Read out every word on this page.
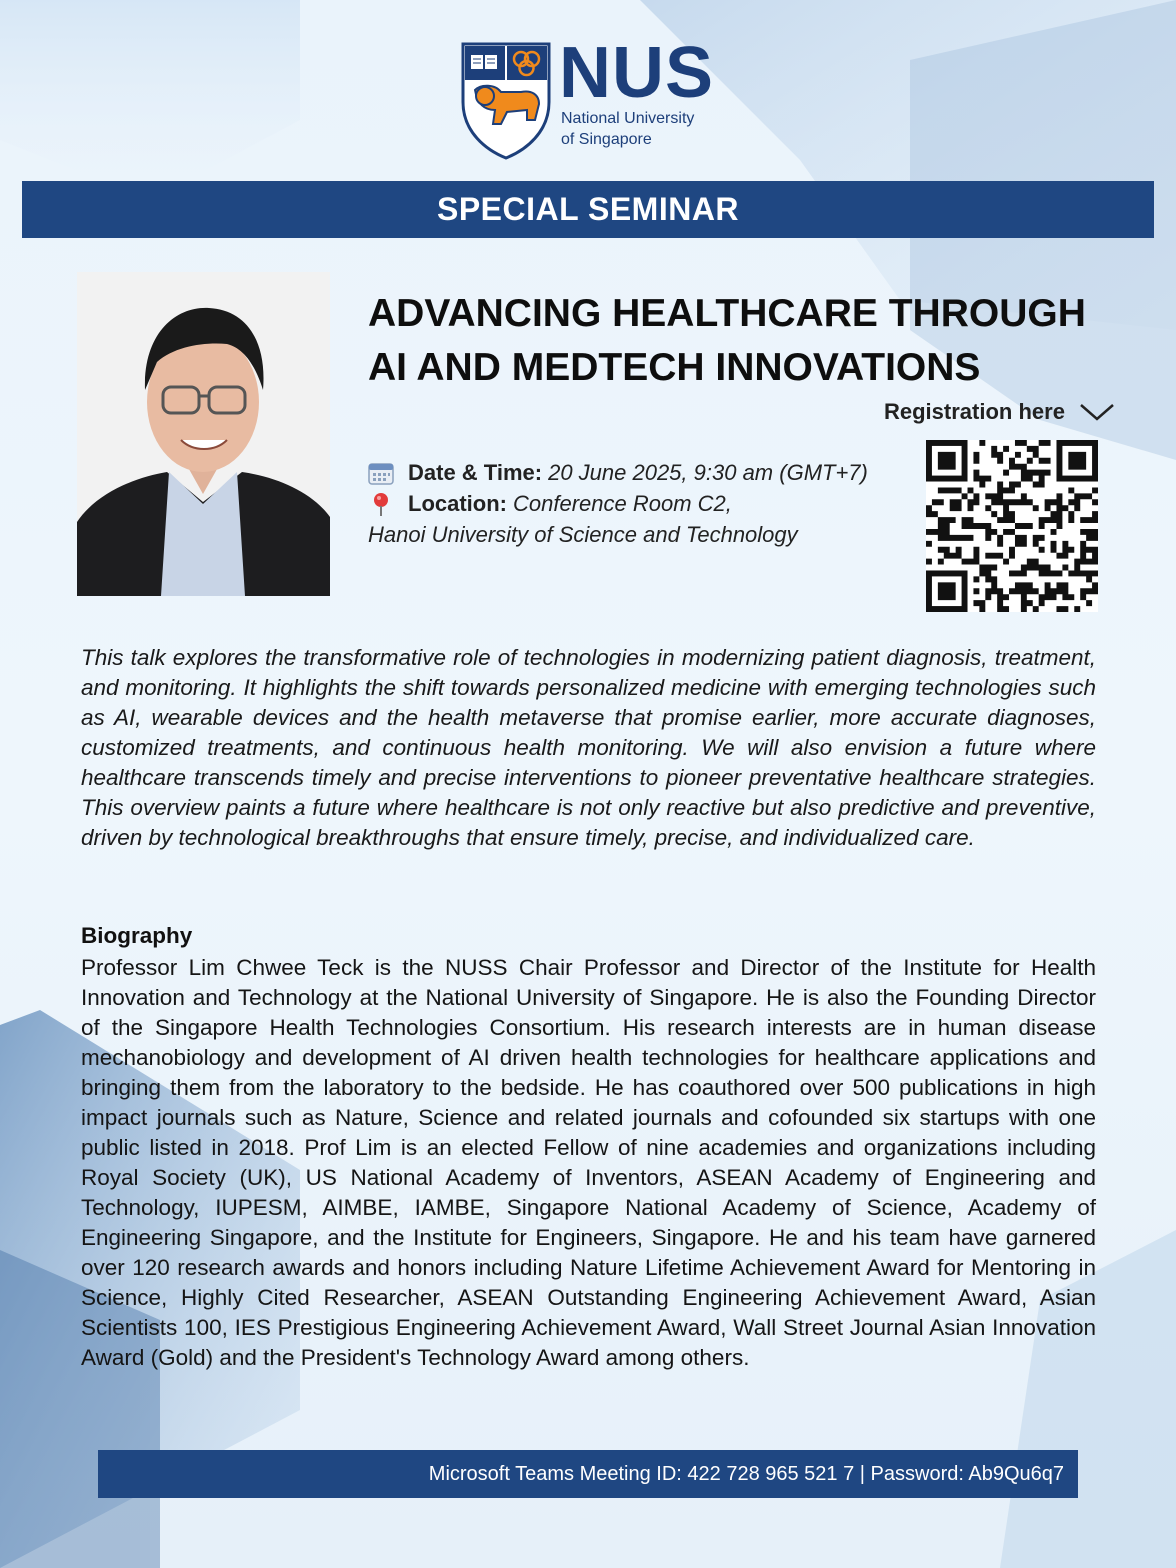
NUS
National University
of Singapore
SPECIAL SEMINAR
ADVANCING HEALTHCARE THROUGH
AI AND MEDTECH INNOVATIONS
Registration here
Date & Time: 20 June 2025, 9:30 am (GMT+7)
Location: Conference Room C2,
Hanoi University of Science and Technology
This talk explores the transformative role of technologies in modernizing patient diagnosis, treatment, and monitoring. It highlights the shift towards personalized medicine with emerging technologies such as AI, wearable devices and the health metaverse that promise earlier, more accurate diagnoses, customized treatments, and continuous health monitoring. We will also envision a future where healthcare transcends timely and precise interventions to pioneer preventative healthcare strategies. This overview paints a future where healthcare is not only reactive but also predictive and preventive, driven by technological breakthroughs that ensure timely, precise, and individualized care.
Biography
Professor Lim Chwee Teck is the NUSS Chair Professor and Director of the Institute for Health Innovation and Technology at the National University of Singapore. He is also the Founding Director of the Singapore Health Technologies Consortium. His research interests are in human disease mechanobiology and development of AI driven health technologies for healthcare applications and bringing them from the laboratory to the bedside. He has coauthored over 500 publications in high impact journals such as Nature, Science and related journals and cofounded six startups with one public listed in 2018. Prof Lim is an elected Fellow of nine academies and organizations including Royal Society (UK), US National Academy of Inventors, ASEAN Academy of Engineering and Technology, IUPESM, AIMBE, IAMBE, Singapore National Academy of Science, Academy of Engineering Singapore, and the Institute for Engineers, Singapore. He and his team have garnered over 120 research awards and honors including Nature Lifetime Achievement Award for Mentoring in Science, Highly Cited Researcher, ASEAN Outstanding Engineering Achievement Award, Asian Scientists 100, IES Prestigious Engineering Achievement Award, Wall Street Journal Asian Innovation Award (Gold) and the President's Technology Award among others.
Microsoft Teams Meeting ID: 422 728 965 521 7 | Password: Ab9Qu6q7
